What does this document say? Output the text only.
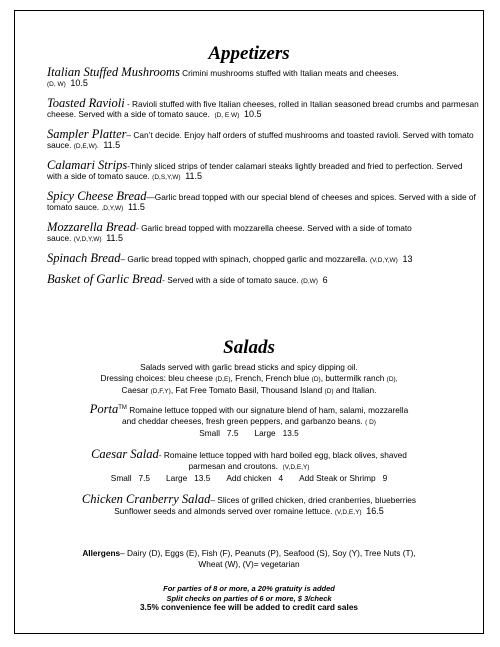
Appetizers

Italian Stuffed Mushrooms Crimini mushrooms stuffed with Italian meats and cheeses.
(D, W) 10.5

Toasted Ravioli - Ravioli stuffed with five Italian cheeses, rolled in Italian seasoned bread crumbs and parmesan cheese. Served with a side of tomato sauce. (D, E W) 10.5

Sampler Platter– Can’t decide. Enjoy half orders of stuffed mushrooms and toasted ravioli. Served with tomato sauce. (D,E,W). 11.5

Calamari Strips-Thinly sliced strips of tender calamari steaks lightly breaded and fried to perfection. Served with a side of tomato sauce. (D,S,Y,W) 11.5

Spicy Cheese Bread—Garlic bread topped with our special blend of cheeses and spices. Served with a side of tomato sauce. ,D,Y,W) 11.5

Mozzarella Bread- Garlic bread topped with mozzarella cheese. Served with a side of tomato sauce. (V,D,Y,W) 11.5

Spinach Bread– Garlic bread topped with spinach, chopped garlic and mozzarella. (V,D,Y,W) 13

Basket of Garlic Bread- Served with a side of tomato sauce. (D,W) 6

Salads
Salads served with garlic bread sticks and spicy dipping oil.
Dressing choices: bleu cheese (D,E), French, French blue (D), buttermilk ranch (D),
Caesar (D,F,Y), Fat Free Tomato Basil, Thousand Island (D) and Italian.
Porta™ Romaine lettuce topped with our signature blend of ham, salami, mozzarella
and cheddar cheeses, fresh green peppers, and garbanzo beans. ( D)
Small 7.5 Large 13.5
Caesar Salad- Romaine lettuce topped with hard boiled egg, black olives, shaved
parmesan and croutons. (V,D,E,Y)
Small 7.5 Large 13.5 Add chicken 4 Add Steak or Shrimp 9
Chicken Cranberry Salad– Slices of grilled chicken, dried cranberries, blueberries
Sunflower seeds and almonds served over romaine lettuce. (V,D,E,Y) 16.5
Allergens– Dairy (D), Eggs (E), Fish (F), Peanuts (P), Seafood (S), Soy (Y), Tree Nuts (T),
Wheat (W), (V)= vegetarian
For parties of 8 or more, a 20% gratuity is added
Split checks on parties of 6 or more, $ 3/check
3.5% convenience fee will be added to credit card sales
